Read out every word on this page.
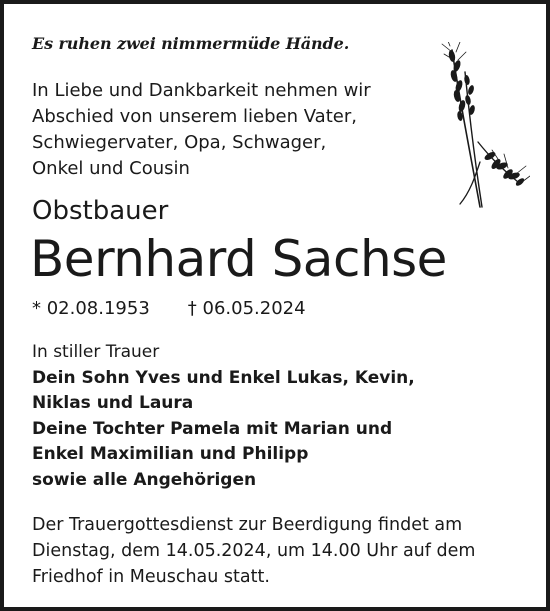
Es ruhen zwei nimmermüde Hände.
In Liebe und Dankbarkeit nehmen wir
Abschied von unserem lieben Vater,
Schwiegervater, Opa, Schwager,
Onkel und Cousin
Obstbauer
Bernhard Sachse
* 02.08.1953 † 06.05.2024
In stiller Trauer
Dein Sohn Yves und Enkel Lukas, Kevin,
Niklas und Laura
Deine Tochter Pamela mit Marian und
Enkel Maximilian und Philipp
sowie alle Angehörigen
Der Trauergottesdienst zur Beerdigung findet am
Dienstag, dem 14.05.2024, um 14.00 Uhr auf dem
Friedhof in Meuschau statt.
